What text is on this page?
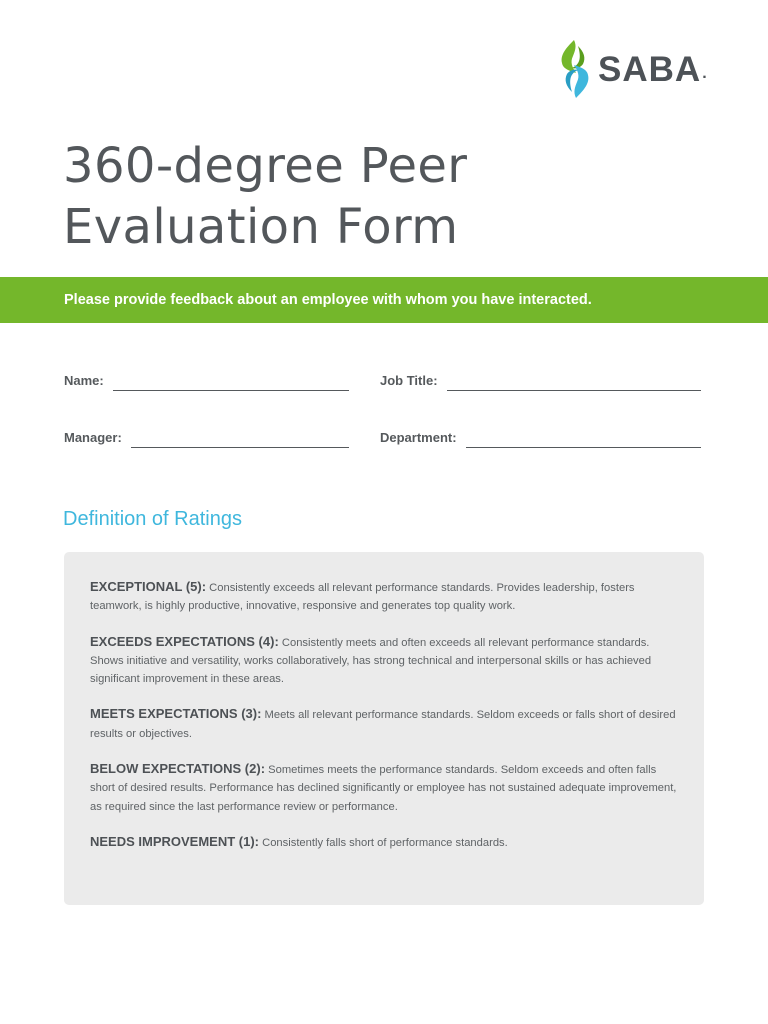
SABA .
360-degree Peer
Evaluation Form
Please provide feedback about an employee with whom you have interacted.
Name:	Job Title:
Manager:	Department:
Definition of Ratings

EXCEPTIONAL (5): Consistently exceeds all relevant performance standards. Provides leadership, fosters teamwork, is highly productive, innovative, responsive and generates top quality work.

EXCEEDS EXPECTATIONS (4): Consistently meets and often exceeds all relevant performance standards. Shows initiative and versatility, works collaboratively, has strong technical and interpersonal skills or has achieved significant improvement in these areas.

MEETS EXPECTATIONS (3): Meets all relevant performance standards. Seldom exceeds or falls short of desired results or objectives.

BELOW EXPECTATIONS (2): Sometimes meets the performance standards. Seldom exceeds and often falls short of desired results. Performance has declined significantly or employee has not sustained adequate improvement, as required since the last performance review or performance.

NEEDS IMPROVEMENT (1): Consistently falls short of performance standards.
